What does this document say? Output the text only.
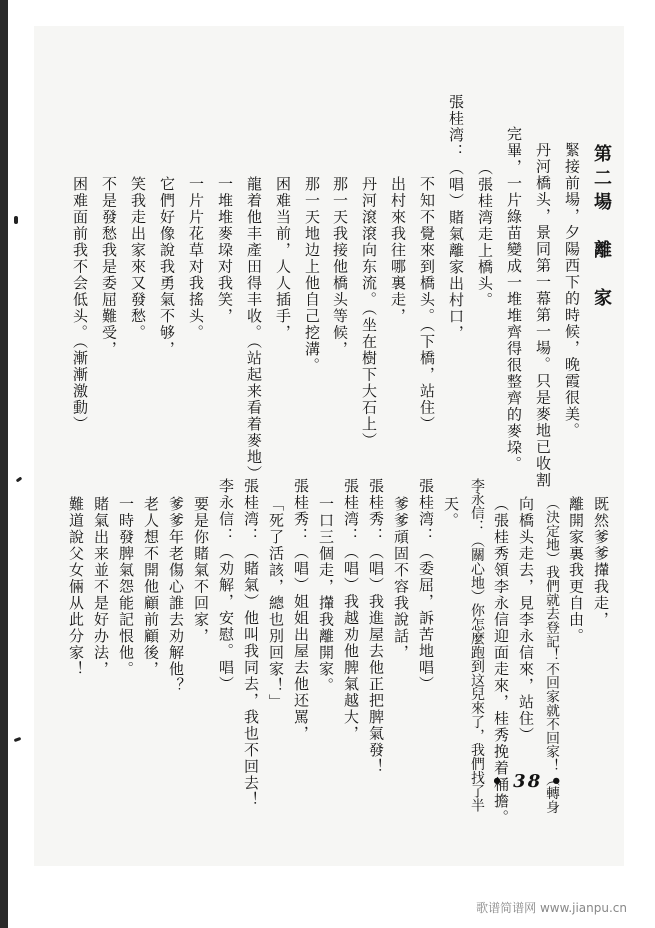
第二場　離　家
緊接前場，夕陽西下的時候，晚霞很美。
丹河橋头，景同第一幕第一場。只是麥地已收割
完畢，一片綠苗變成一堆堆齊得很整齊的麥垜。
（張桂湾走上橋头。
張桂湾：（唱）賭氣離家出村口，
不知不覺來到橋头。（下橋，站住）
出村來我往哪裏走，
丹河滾滾向东流。（坐在樹下大石上）
那一天我接他橋头等候，
那一天地边上他自己挖溝。
困难当前，人人插手，
龍着他丰產田得丰收。（站起来看着麥地）
一堆堆麥垜对我笑，
一片片花草对我搖头。
它們好像說我勇氣不够，
笑我走出家來又發愁。
不是發愁我是委屈難受，
困难面前我不会低头。（漸漸激動）
既然爹爹攆我走，
離開家裏我更自由。
（決定地）我們就去登記！不回家就不回家！（轉身
向橋头走去，見李永信來，站住）
（張桂秀領李永信迎面走來，桂秀挽着桶擔。
李永信：（關心地）你怎麼跑到这兒來了，我們找了半
天。
張桂湾：（委屈，訴苦地唱）
爹爹頑固不容我說話，
張桂秀：（唱）我進屋去他正把脾氣發！
張桂湾：（唱）我越劝他脾氣越大，
一口三個走，攆我離開家。
張桂秀：（唱）姐姐出屋去他还罵，
「死了活該，總也別回家！」
張桂湾：（賭氣）他叫我同去，我也不回去！
李永信：（劝解，安慰。唱）
要是你賭氣不回家，
爹爹年老傷心誰去劝解他？
老人想不開他顧前顧後，
一時發脾氣怨能記恨他。
賭氣出来並不是好办法，
難道說父女倆从此分家！
• 38 •
歌谱简谱网 www.jianpu.cn
